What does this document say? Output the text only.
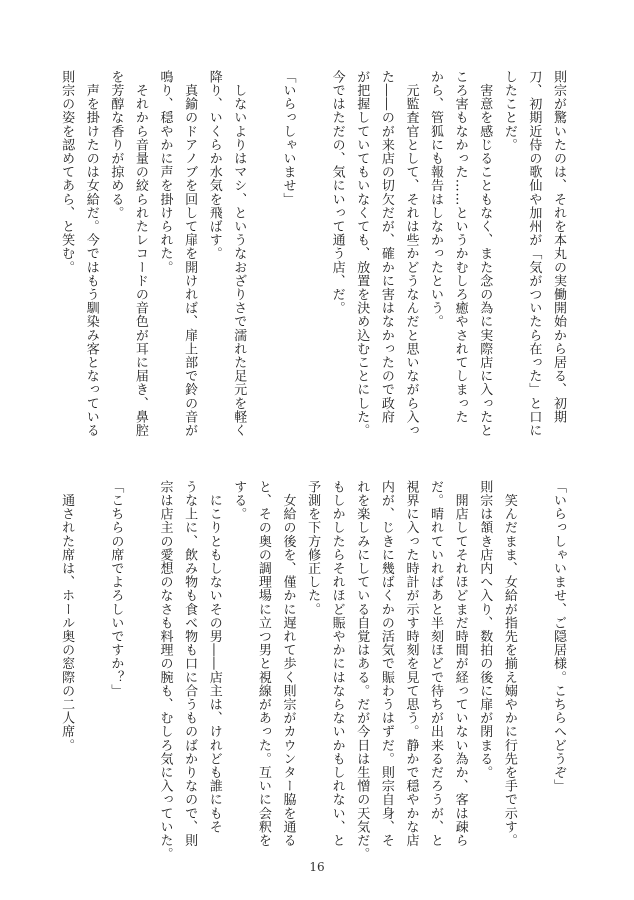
則宗が驚いたのは、それを本丸の実働開始から居る、初期

刀、初期近侍の歌仙や加州が「気がついたら在った」と口に

したことだ。

　害意を感じることもなく、また念の為に実際店に入ったと

ころ害もなかった……というかむしろ癒やされてしまった

から、管狐にも報告はしなかったという。

　元監査官として、それは些かどうなんだと思いながら入っ

た――のが来店の切欠だが、確かに害はなかったので政府

が把握していてもいなくても、放置を決め込むことにした。

今ではただの、気にいって通う店、だ。

「いらっしゃいませ」

　しないよりはマシ、というなおざりさで濡れた足元を軽く

降り、いくらか水気を飛ばす。

　真鍮のドアノブを回して扉を開ければ、扉上部で鈴の音が

鳴り、穏やかに声を掛けられた。

　それから音量の絞られたレコードの音色が耳に届き、鼻腔

を芳醇な香りが掠める。

　声を掛けたのは女給だ。今ではもう馴染み客となっている

則宗の姿を認めてあら、と笑む。

「いらっしゃいませ、ご隠居様。こちらへどうぞ」

　笑んだまま、女給が指先を揃え嫋やかに行先を手で示す。

則宗は頷き店内へ入り、数拍の後に扉が閉まる。

　開店してそれほどまだ時間が経っていない為か、客は疎ら

だ。晴れていればあと半刻ほどで待ちが出来るだろうが、と

視界に入った時計が示す時刻を見て思う。静かで穏やかな店

内が、じきに幾ばくかの活気で賑わうはずだ。則宗自身、そ

れを楽しみにしている自覚はある。だが今日は生憎の天気だ。

もしかしたらそれほど賑やかにはならないかもしれない、と

予測を下方修正した。

　女給の後を、僅かに遅れて歩く則宗がカウンター脇を通る

と、その奥の調理場に立つ男と視線があった。互いに会釈を

する。

　にこりともしないその男――店主は、けれども誰にもそ

うな上に、飲み物も食べ物も口に合うものばかりなので、則

宗は店主の愛想のなさも料理の腕も、むしろ気に入っていた。

「こちらの席でよろしいですか？」

　通された席は、ホール奥の窓際の二人席。

16
